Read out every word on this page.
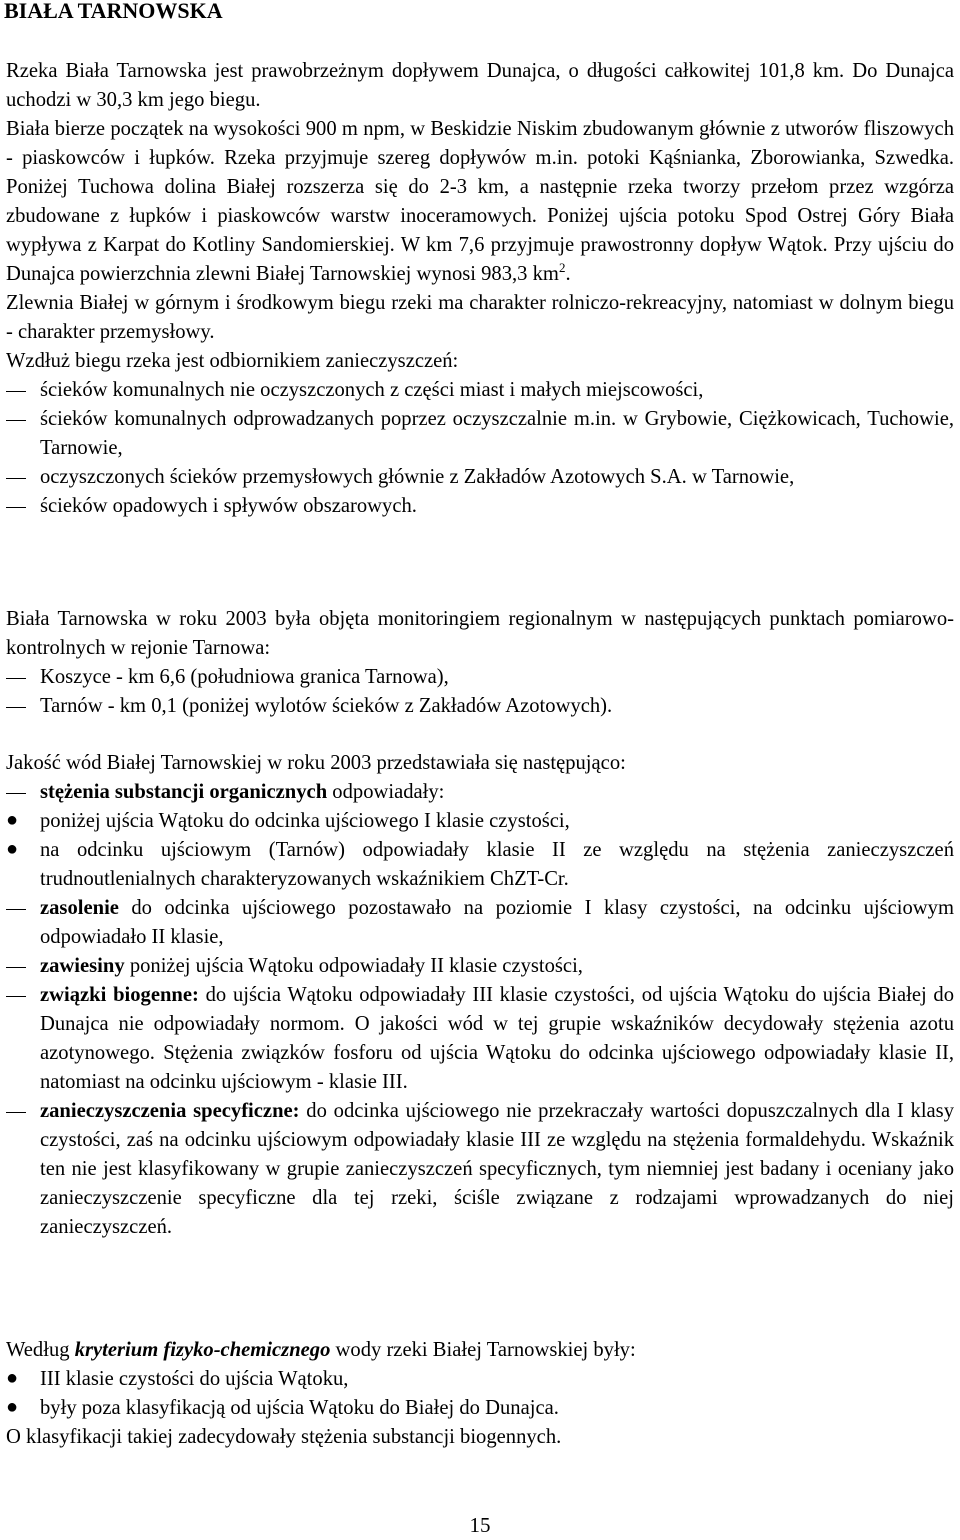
BIAŁA TARNOWSKA

Rzeka Biała Tarnowska jest prawobrzeżnym dopływem Dunajca, o długości całkowitej 101,8 km. Do Dunajca uchodzi w 30,3 km jego biegu.

Biała bierze początek na wysokości 900 m npm, w Beskidzie Niskim zbudowanym głównie z utworów fliszowych - piaskowców i łupków. Rzeka przyjmuje szereg dopływów m.in. potoki Kąśnianka, Zborowianka, Szwedka. Poniżej Tuchowa dolina Białej rozszerza się do 2-3 km, a następnie rzeka tworzy przełom przez wzgórza zbudowane z łupków i piaskowców warstw inoceramowych. Poniżej ujścia potoku Spod Ostrej Góry Biała wypływa z Karpat do Kotliny Sandomierskiej. W km 7,6 przyjmuje prawostronny dopływ Wątok. Przy ujściu do Dunajca powierzchnia zlewni Białej Tarnowskiej wynosi 983,3 $km^2$.

Zlewnia Białej w górnym i środkowym biegu rzeki ma charakter rolniczo-rekreacyjny, natomiast w dolnym biegu - charakter przemysłowy.

Wzdłuż biegu rzeka jest odbiornikiem zanieczyszczeń:

ścieków komunalnych nie oczyszczonych z części miast i małych miejscowości,
ścieków komunalnych odprowadzanych poprzez oczyszczalnie m.in. w Grybowie, Ciężkowicach, Tuchowie, Tarnowie,
oczyszczonych ścieków przemysłowych głównie z Zakładów Azotowych S.A. w Tarnowie,
ścieków opadowych i spływów obszarowych.

Biała Tarnowska w roku 2003 była objęta monitoringiem regionalnym w następujących punktach pomiarowo-kontrolnych w rejonie Tarnowa:

Koszyce - km 6,6 (południowa granica Tarnowa),
Tarnów - km 0,1 (poniżej wylotów ścieków z Zakładów Azotowych).

Jakość wód Białej Tarnowskiej w roku 2003 przedstawiała się następująco:

stężenia substancji organicznych odpowiadały:
● poniżej ujścia Wątoku do odcinka ujściowego I klasie czystości,
● na odcinku ujściowym (Tarnów) odpowiadały klasie II ze względu na stężenia zanieczyszczeń trudnoutlenialnych charakteryzowanych wskaźnikiem ChZT-Cr.
zasolenie do odcinka ujściowego pozostawało na poziomie I klasy czystości, na odcinku ujściowym odpowiadało II klasie,
zawiesiny poniżej ujścia Wątoku odpowiadały II klasie czystości,
związki biogenne: do ujścia Wątoku odpowiadały III klasie czystości, od ujścia Wątoku do ujścia Białej do Dunajca nie odpowiadały normom. O jakości wód w tej grupie wskaźników decydowały stężenia azotu azotynowego. Stężenia związków fosforu od ujścia Wątoku do odcinka ujściowego odpowiadały klasie II, natomiast na odcinku ujściowym - klasie III.
zanieczyszczenia specyficzne: do odcinka ujściowego nie przekraczały wartości dopuszczalnych dla I klasy czystości, zaś na odcinku ujściowym odpowiadały klasie III ze względu na stężenia formaldehydu. Wskaźnik ten nie jest klasyfikowany w grupie zanieczyszczeń specyficznych, tym niemniej jest badany i oceniany jako zanieczyszczenie specyficzne dla tej rzeki, ściśle związane z rodzajami wprowadzanych do niej zanieczyszczeń.

Według kryterium fizyko-chemicznego wody rzeki Białej Tarnowskiej były:

● III klasie czystości do ujścia Wątoku,
● były poza klasyfikacją od ujścia Wątoku do Białej do Dunajca.

O klasyfikacji takiej zadecydowały stężenia substancji biogennych.

15
